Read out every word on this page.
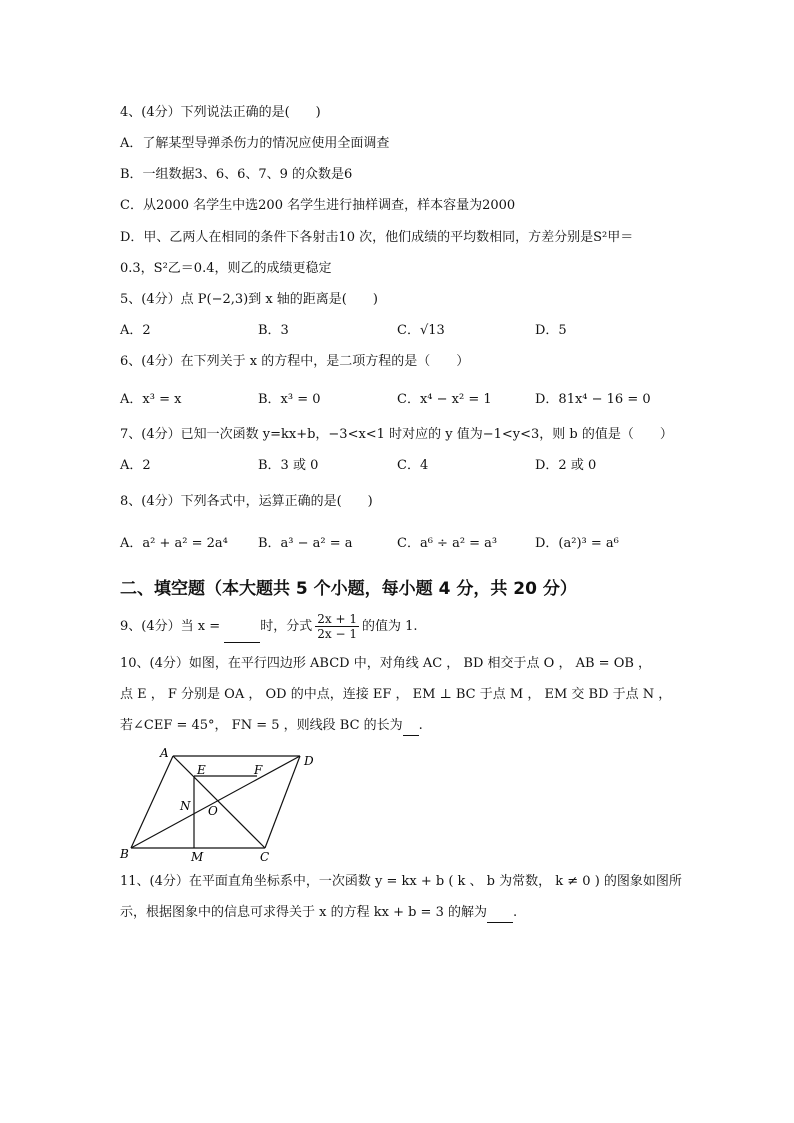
4、(4分）下列说法正确的是(　　)
A．了解某型导弹杀伤力的情况应使用全面调查
B．一组数据3、6、6、7、9 的众数是6
C．从2000 名学生中选200 名学生进行抽样调查，样本容量为2000
D．甲、乙两人在相同的条件下各射击10 次，他们成绩的平均数相同，方差分别是S²甲＝
0.3，S²乙＝0.4，则乙的成绩更稳定
5、(4分）点 P(−2,3)到 x 轴的距离是(　　)
A．2	B．3	C．√13	D．5
6、(4分）在下列关于 x 的方程中，是二项方程的是（　　）
A．x³ = x	B．x³ = 0	C．x⁴ − x² = 1	D．81x⁴ − 16 = 0
7、(4分）已知一次函数 y=kx+b，−3<x<1 时对应的 y 值为−1<y<3，则 b 的值是（　　）
A．2	B．3 或 0	C．4	D．2 或 0
8、(4分）下列各式中，运算正确的是(　　)
A．a² + a² = 2a⁴ B．a³ − a² = a	C．a⁶ ÷ a² = a³	D．(a²)³ = a⁶
二、填空题（本大题共 5 个小题，每小题 4 分，共 20 分）
9、(4分）当 x =	时，分式 $\frac{2x + 1}{2x - 1}$ 的值为 1.
10、(4分）如图，在平行四边形 ABCD 中，对角线 AC ， BD 相交于点 O ， AB = OB ，
点 E ， F 分别是 OA ， OD 的中点，连接 EF ， EM ⊥ BC 于点 M ， EM 交 BD 于点 N ，
若∠CEF = 45°， FN = 5 ，则线段 BC 的长为 .
A
B	C
D
E	F
M
N O
11、(4分）在平面直角坐标系中，一次函数 y = kx + b ( k 、 b 为常数， k ≠ 0 ) 的图象如图所
示，根据图象中的信息可求得关于 x 的方程 kx + b = 3 的解为 .
